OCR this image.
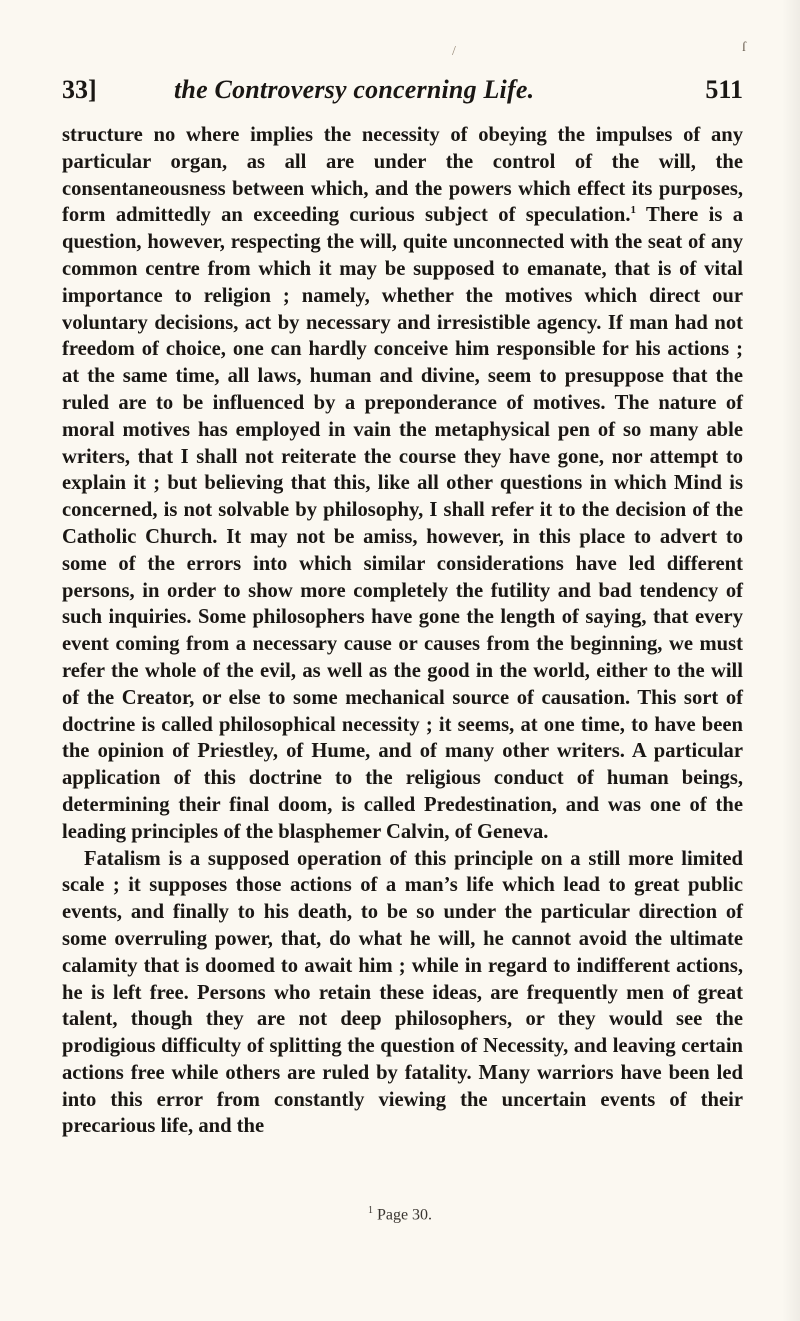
/	ſ
33]	the Controversy concerning Life.	511

structure no where implies the necessity of obeying the impulses of any particular organ, as all are under the control of the will, the consentaneousness between which, and the powers which effect its purposes, form admittedly an exceeding curious subject of speculation.$^1$ There is a question, however, respecting the will, quite unconnected with the seat of any common centre from which it may be supposed to emanate, that is of vital importance to religion ; namely, whether the motives which direct our voluntary decisions, act by necessary and irresistible agency. If man had not freedom of choice, one can hardly conceive him responsible for his actions ; at the same time, all laws, human and divine, seem to presuppose that the ruled are to be influenced by a preponderance of motives. The nature of moral motives has employed in vain the metaphysical pen of so many able writers, that I shall not reiterate the course they have gone, nor attempt to explain it ; but believing that this, like all other questions in which Mind is concerned, is not solvable by philosophy, I shall refer it to the decision of the Catholic Church. It may not be amiss, however, in this place to advert to some of the errors into which similar considerations have led different persons, in order to show more completely the futility and bad tendency of such inquiries. Some philosophers have gone the length of saying, that every event coming from a necessary cause or causes from the beginning, we must refer the whole of the evil, as well as the good in the world, either to the will of the Creator, or else to some mechanical source of causation. This sort of doctrine is called philosophical necessity ; it seems, at one time, to have been the opinion of Priestley, of Hume, and of many other writers. A particular application of this doctrine to the religious conduct of human beings, determining their final doom, is called Predestination, and was one of the leading principles of the blasphemer Calvin, of Geneva.

Fatalism is a supposed operation of this principle on a still more limited scale ; it supposes those actions of a man’s life which lead to great public events, and finally to his death, to be so under the particular direction of some overruling power, that, do what he will, he cannot avoid the ultimate calamity that is doomed to await him ; while in regard to indifferent actions, he is left free. Persons who retain these ideas, are frequently men of great talent, though they are not deep philosophers, or they would see the prodigious difficulty of splitting the question of Necessity, and leaving certain actions free while others are ruled by fatality. Many warriors have been led into this error from constantly viewing the uncertain events of their precarious life, and the

$^1$ Page 30.
